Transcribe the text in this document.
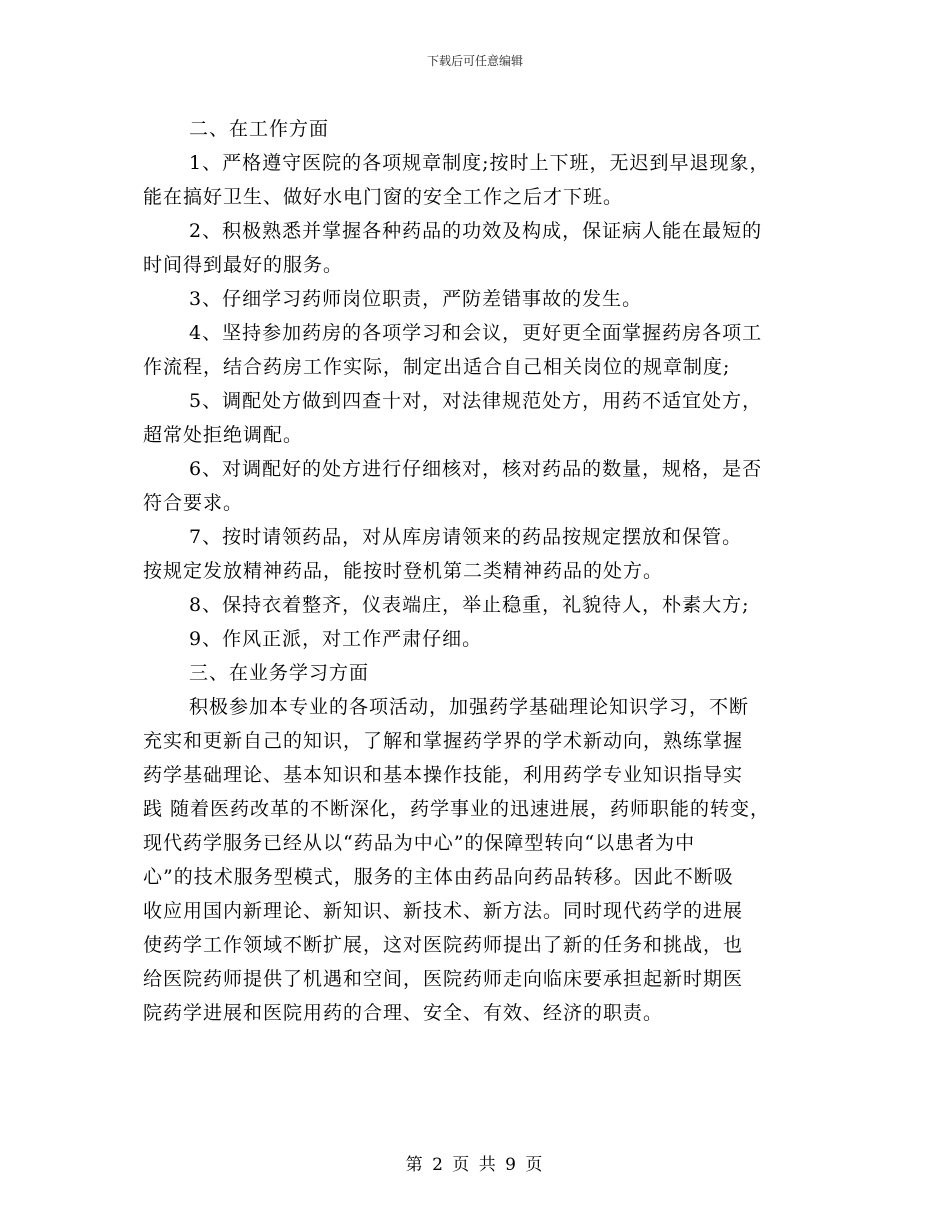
下载后可任意编辑

二、在工作方面

1、严格遵守医院的各项规章制度;按时上下班，无迟到早退现象，

能在搞好卫生、做好水电门窗的安全工作之后才下班。

2、积极熟悉并掌握各种药品的功效及构成，保证病人能在最短的

时间得到最好的服务。

3、仔细学习药师岗位职责，严防差错事故的发生。

4、坚持参加药房的各项学习和会议，更好更全面掌握药房各项工

作流程，结合药房工作实际，制定出适合自己相关岗位的规章制度;

5、调配处方做到四查十对，对法律规范处方，用药不适宜处方，

超常处拒绝调配。

6、对调配好的处方进行仔细核对，核对药品的数量，规格，是否

符合要求。

7、按时请领药品，对从库房请领来的药品按规定摆放和保管。

按规定发放精神药品，能按时登机第二类精神药品的处方。

8、保持衣着整齐，仪表端庄，举止稳重，礼貌待人，朴素大方;

9、作风正派，对工作严肃仔细。

三、在业务学习方面

积极参加本专业的各项活动，加强药学基础理论知识学习，不断

充实和更新自己的知识，了解和掌握药学界的学术新动向，熟练掌握

药学基础理论、基本知识和基本操作技能，利用药学专业知识指导实

践 随着医药改革的不断深化，药学事业的迅速进展，药师职能的转变，

现代药学服务已经从以“药品为中心”的保障型转向“以患者为中

心”的技术服务型模式，服务的主体由药品向药品转移。因此不断吸

收应用国内新理论、新知识、新技术、新方法。同时现代药学的进展

使药学工作领域不断扩展，这对医院药师提出了新的任务和挑战，也

给医院药师提供了机遇和空间，医院药师走向临床要承担起新时期医

院药学进展和医院用药的合理、安全、有效、经济的职责。

第 2 页 共 9 页
